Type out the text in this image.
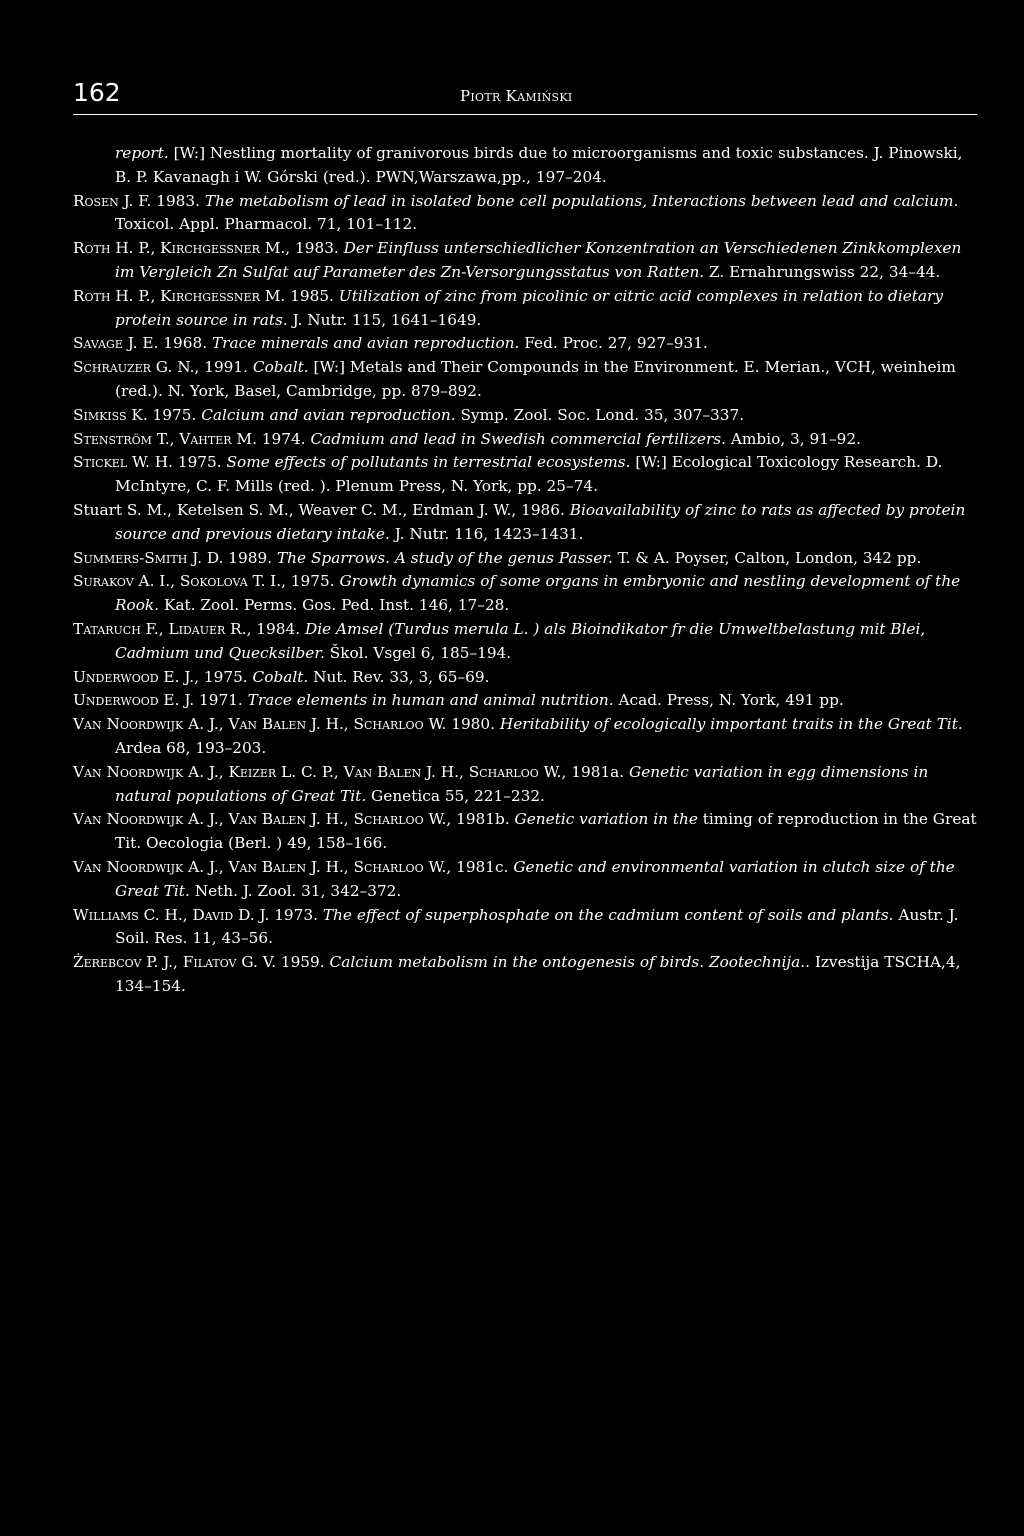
162	Piotr Kamiński

report. [W:] Nestling mortality of granivorous birds due to microorganisms and toxic substances. J. Pinowski, B. P. Kavanagh i W. Górski (red.). PWN,Warszawa,pp., 197–204.

Rosen J. F. 1983. The metabolism of lead in isolated bone cell populations, Interactions between lead and calcium. Toxicol. Appl. Pharmacol. 71, 101–112.

Roth H. P., Kirchgessner M., 1983. Der Einfluss unterschiedlicher Konzentration an Verschiedenen Zinkkomplexen im Vergleich Zn Sulfat auf Parameter des Zn-Versorgungsstatus von Ratten. Z. Ernahrungswiss 22, 34–44.

Roth H. P., Kirchgessner M. 1985. Utilization of zinc from picolinic or citric acid complexes in relation to dietary protein source in rats. J. Nutr. 115, 1641–1649.

Savage J. E. 1968. Trace minerals and avian reproduction. Fed. Proc. 27, 927–931.

Schrauzer G. N., 1991. Cobalt. [W:] Metals and Their Compounds in the Environment. E. Merian., VCH, weinheim (red.). N. York, Basel, Cambridge, pp. 879–892.

Simkiss K. 1975. Calcium and avian reproduction. Symp. Zool. Soc. Lond. 35, 307–337.

Stenström T., Vahter M. 1974. Cadmium and lead in Swedish commercial fertilizers. Ambio, 3, 91–92.

Stickel W. H. 1975. Some effects of pollutants in terrestrial ecosystems. [W:] Ecological Toxicology Research. D. McIntyre, C. F. Mills (red. ). Plenum Press, N. York, pp. 25–74.

Stuart S. M., Ketelsen S. M., Weaver C. M., Erdman J. W., 1986. Bioavailability of zinc to rats as affected by protein source and previous dietary intake. J. Nutr. 116, 1423–1431.

Summers-Smith J. D. 1989. The Sparrows. A study of the genus Passer. T. & A. Poyser, Calton, London, 342 pp.

Surakov A. I., Sokolova T. I., 1975. Growth dynamics of some organs in embryonic and nestling development of the Rook. Kat. Zool. Perms. Gos. Ped. Inst. 146, 17–28.

Tataruch F., Lidauer R., 1984. Die Amsel (Turdus merula L. ) als Bioindikator fr die Umweltbelastung mit Blei, Cadmium und Quecksilber. Škol. Vsgel 6, 185–194.

Underwood E. J., 1975. Cobalt. Nut. Rev. 33, 3, 65–69.

Underwood E. J. 1971. Trace elements in human and animal nutrition. Acad. Press, N. York, 491 pp.

Van Noordwijk A. J., Van Balen J. H., Scharloo W. 1980. Heritability of ecologically important traits in the Great Tit. Ardea 68, 193–203.

Van Noordwijk A. J., Keizer L. C. P., Van Balen J. H., Scharloo W., 1981a. Genetic variation in egg dimensions in natural populations of Great Tit. Genetica 55, 221–232.

Van Noordwijk A. J., Van Balen J. H., Scharloo W., 1981b. Genetic variation in the timing of reproduction in the Great Tit. Oecologia (Berl. ) 49, 158–166.

Van Noordwijk A. J., Van Balen J. H., Scharloo W., 1981c. Genetic and environmental variation in clutch size of the Great Tit. Neth. J. Zool. 31, 342–372.

Williams C. H., David D. J. 1973. The effect of superphosphate on the cadmium content of soils and plants. Austr. J. Soil. Res. 11, 43–56.

Żerebcov P. J., Filatov G. V. 1959. Calcium metabolism in the ontogenesis of birds. Zootechnija.. Izvestija TSCHA,4, 134–154.
